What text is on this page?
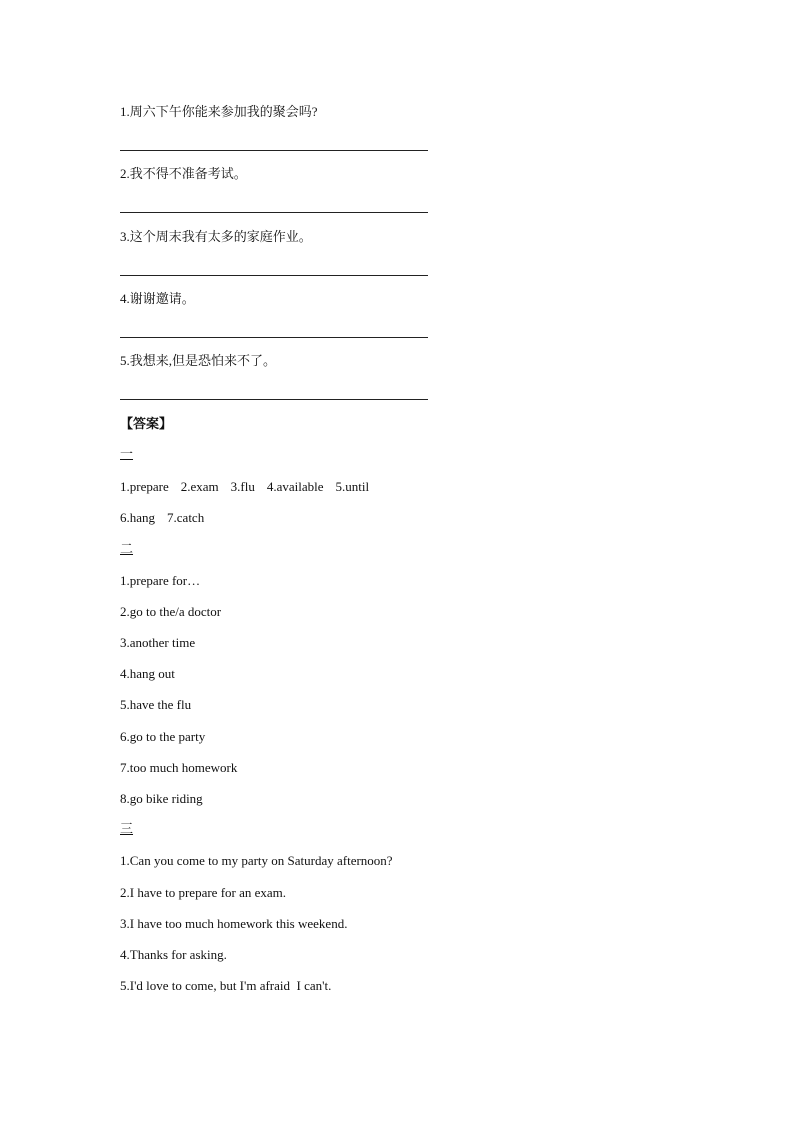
1.周六下午你能来参加我的聚会吗?
2.我不得不准备考试。
3.这个周末我有太多的家庭作业。
4.谢谢邀请。
5.我想来,但是恐怕来不了。
【答案】
一
1.prepare 2.exam 3.flu 4.available 5.until
6.hang 7.catch
二
1.prepare for…
2.go to the/a doctor
3.another time
4.hang out
5.have the flu
6.go to the party
7.too much homework
8.go bike riding
三
1.Can you come to my party on Saturday afternoon?
2.I have to prepare for an exam.
3.I have too much homework this weekend.
4.Thanks for asking.
5.I'd love to come, but I'm afraid  I can't.
